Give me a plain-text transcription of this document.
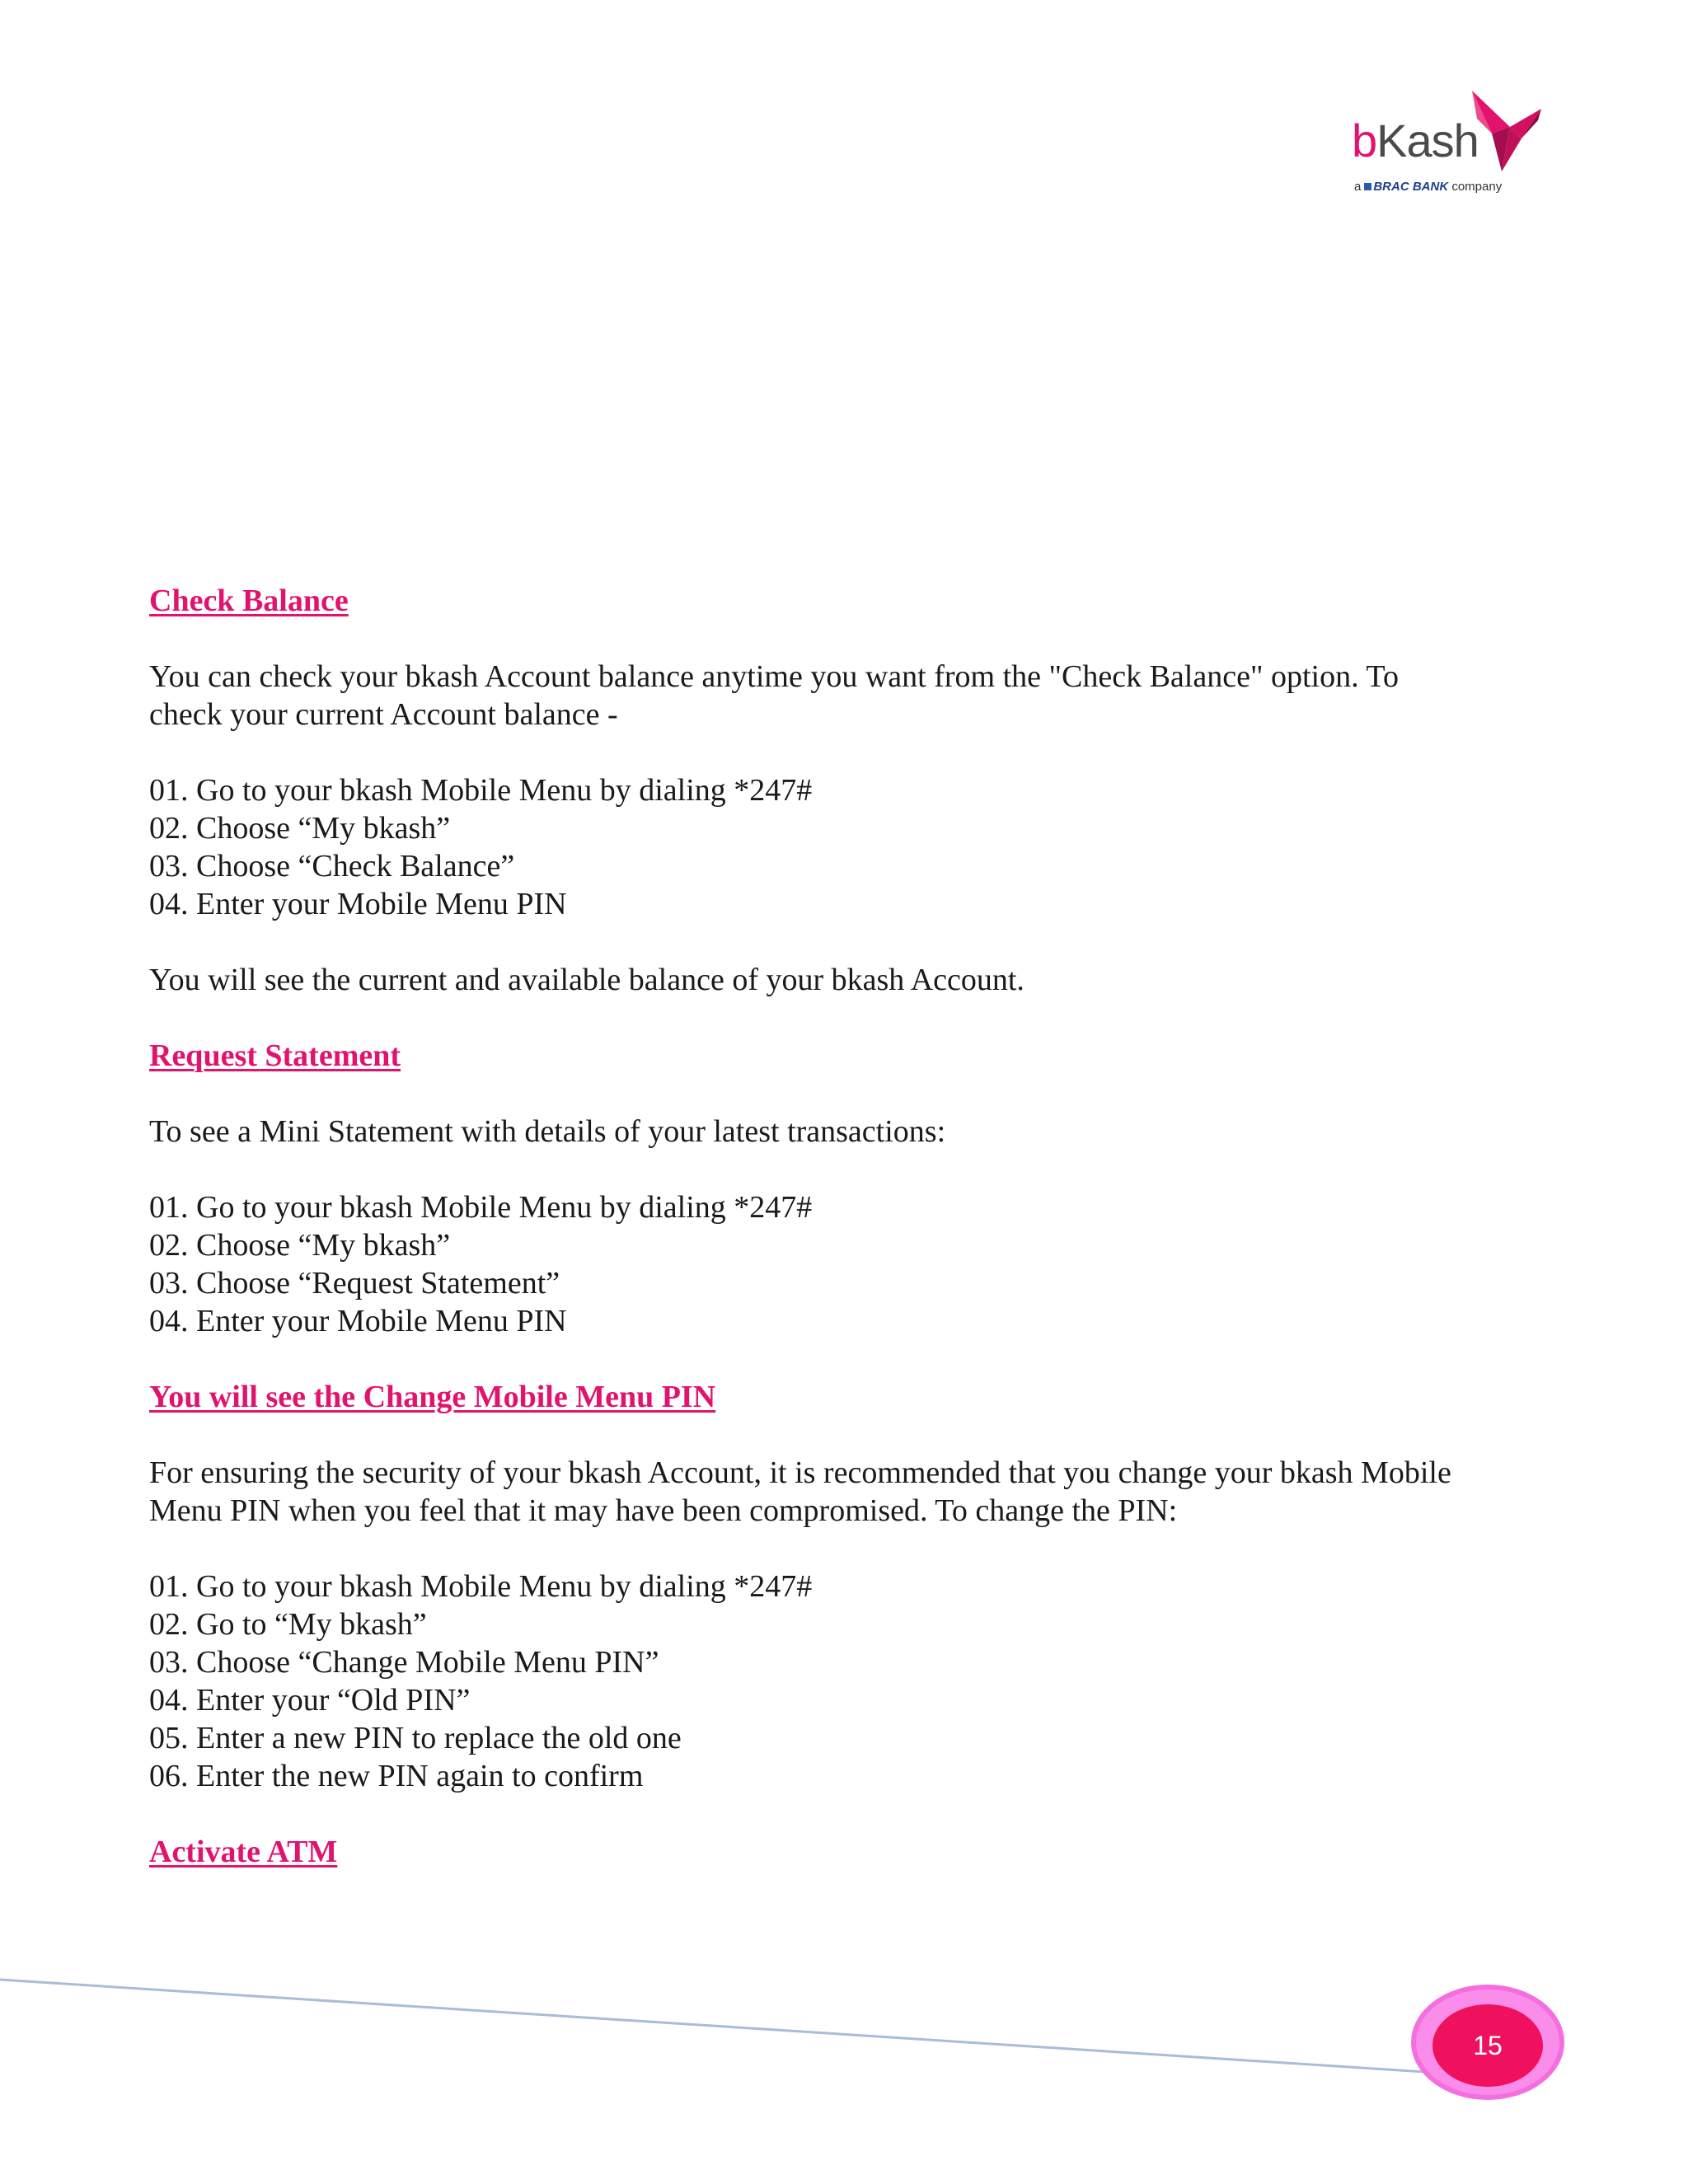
bKash
a BRAC BANK company

Check Balance

You can check your bkash Account balance anytime you want from the "Check Balance" option. To

check your current Account balance -

01. Go to your bkash Mobile Menu by dialing *247#

02. Choose “My bkash”

03. Choose “Check Balance”

04. Enter your Mobile Menu PIN

You will see the current and available balance of your bkash Account.

Request Statement

To see a Mini Statement with details of your latest transactions:

01. Go to your bkash Mobile Menu by dialing *247#

02. Choose “My bkash”

03. Choose “Request Statement”

04. Enter your Mobile Menu PIN

You will see the Change Mobile Menu PIN

For ensuring the security of your bkash Account, it is recommended that you change your bkash Mobile

Menu PIN when you feel that it may have been compromised. To change the PIN:

01. Go to your bkash Mobile Menu by dialing *247#

02. Go to “My bkash”

03. Choose “Change Mobile Menu PIN”

04. Enter your “Old PIN”

05. Enter a new PIN to replace the old one

06. Enter the new PIN again to confirm

Activate ATM

15
